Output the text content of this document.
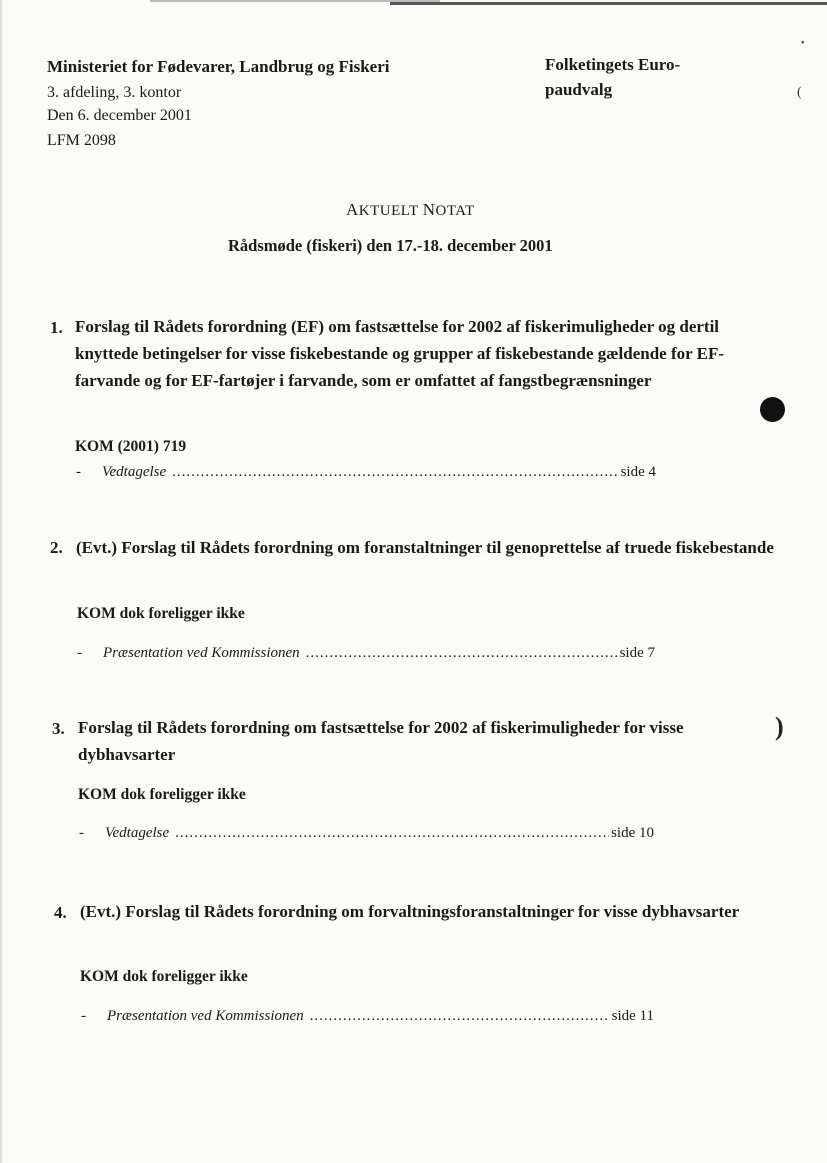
•
(
Ministeriet for Fødevarer, Landbrug og Fiskeri
3. afdeling, 3. kontor
Den 6. december 2001
LFM 2098
Folketingets Euro-
paudvalg
AKTUELT NOTAT
Rådsmøde (fiskeri) den 17.-18. december 2001
1. Forslag til Rådets forordning (EF) om fastsættelse for 2002 af fiskerimuligheder og dertil knyttede betingelser for visse fiskebestande og grupper af fiskebestande gældende for EF-farvande og for EF-fartøjer i farvande, som er omfattet af fangstbegrænsninger
KOM (2001) 719
-	Vedtagelse .....	side 4
2. (Evt.) Forslag til Rådets forordning om foranstaltninger til genoprettelse af truede fiskebestande
KOM dok foreligger ikke
-	Præsentation ved Kommissionen .....	side 7
3. Forslag til Rådets forordning om fastsættelse for 2002 af fiskerimuligheder for visse dybhavsarter
)
KOM dok foreligger ikke
-	Vedtagelse .....	side 10
4. (Evt.) Forslag til Rådets forordning om forvaltningsforanstaltninger for visse dybhavsarter
KOM dok foreligger ikke
-	Præsentation ved Kommissionen .....	side 11
